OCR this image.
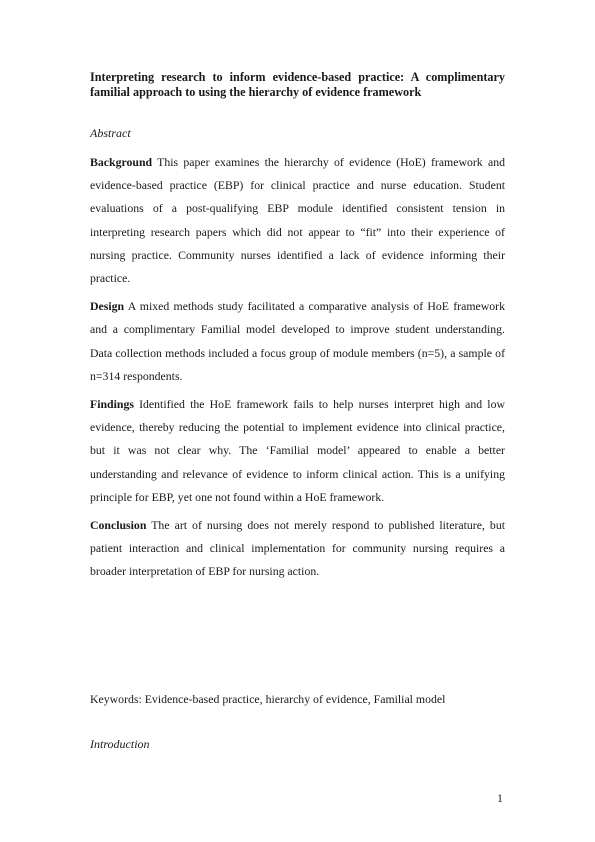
Interpreting research to inform evidence-based practice: A complimentary familial approach to using the hierarchy of evidence framework

Abstract

Background This paper examines the hierarchy of evidence (HoE) framework and evidence-based practice (EBP) for clinical practice and nurse education. Student evaluations of a post-qualifying EBP module identified consistent tension in interpreting research papers which did not appear to “fit” into their experience of nursing practice. Community nurses identified a lack of evidence informing their practice.

Design A mixed methods study facilitated a comparative analysis of HoE framework and a complimentary Familial model developed to improve student understanding. Data collection methods included a focus group of module members (n=5), a sample of n=314 respondents.

Findings Identified the HoE framework fails to help nurses interpret high and low evidence, thereby reducing the potential to implement evidence into clinical practice, but it was not clear why. The ‘Familial model’ appeared to enable a better understanding and relevance of evidence to inform clinical action. This is a unifying principle for EBP, yet one not found within a HoE framework.

Conclusion The art of nursing does not merely respond to published literature, but patient interaction and clinical implementation for community nursing requires a broader interpretation of EBP for nursing action.

Keywords: Evidence-based practice, hierarchy of evidence, Familial model

Introduction

1
